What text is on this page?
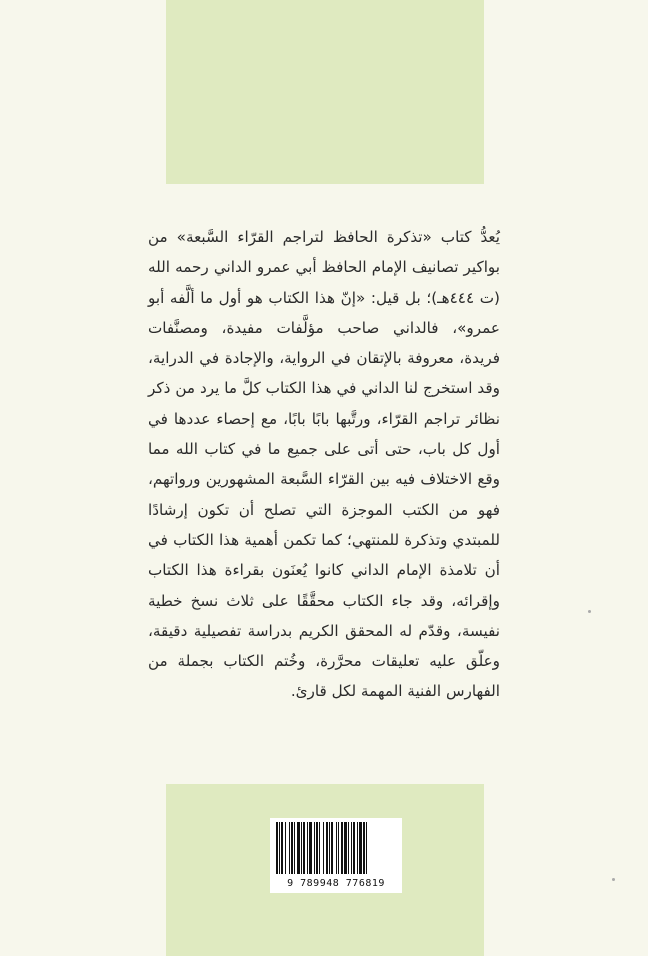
يُعدُّ كتاب «تذكرة الحافظ لتراجم القرّاء السَّبعة» من بواكير تصانيف الإمام الحافظ أبي عمرو الداني رحمه الله (ت ٤٤٤هـ)؛ بل قيل: «إنّ هذا الكتاب هو أول ما ألَّفه أبو عمرو»، فالداني صاحب مؤلَّفات مفيدة، ومصنَّفات فريدة، معروفة بالإتقان في الرواية، والإجادة في الدراية، وقد استخرج لنا الداني في هذا الكتاب كلَّ ما يرد من ذكر نظائر تراجم القرّاء، ورتَّبها بابًا بابًا، مع إحصاء عددها في أول كل باب، حتى أتى على جميع ما في كتاب الله مما وقع الاختلاف فيه بين القرّاء السَّبعة المشهورين ورواتهم، فهو من الكتب الموجزة التي تصلح أن تكون إرشادًا للمبتدي وتذكرة للمنتهي؛ كما تكمن أهمية هذا الكتاب في أن تلامذة الإمام الداني كانوا يُعنَون بقراءة هذا الكتاب وإقرائه، وقد جاء الكتاب محقَّقًا على ثلاث نسخ خطية نفيسة، وقدّم له المحقق الكريم بدراسة تفصيلية دقيقة، وعلّق عليه تعليقات محرَّرة، وخُتم الكتاب بجملة من الفهارس الفنية المهمة لكل قارئ.

9 789948 776819
